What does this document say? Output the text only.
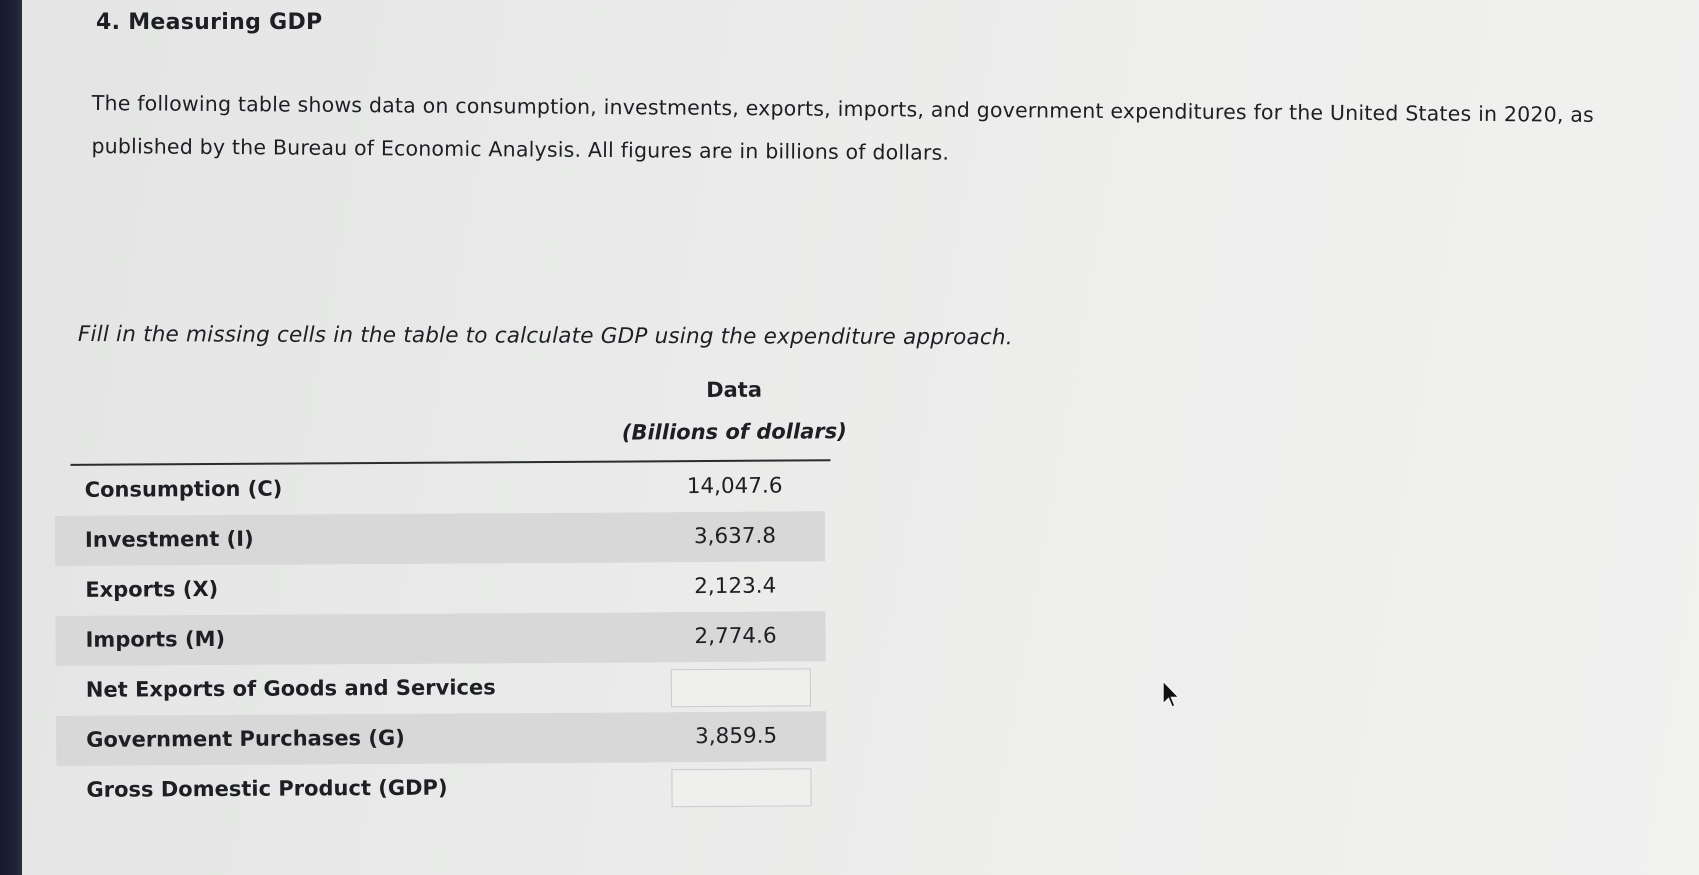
4. Measuring GDP
The following table shows data on consumption, investments, exports, imports, and government expenditures for the United States in 2020, as published by the Bureau of Economic Analysis. All figures are in billions of dollars.
Fill in the missing cells in the table to calculate GDP using the expenditure approach.
Data
(Billions of dollars)
Consumption (C)	14,047.6
Investment (I)	3,637.8
Exports (X)	2,123.4
Imports (M)	2,774.6
Net Exports of Goods and Services
Government Purchases (G)	3,859.5
Gross Domestic Product (GDP)
